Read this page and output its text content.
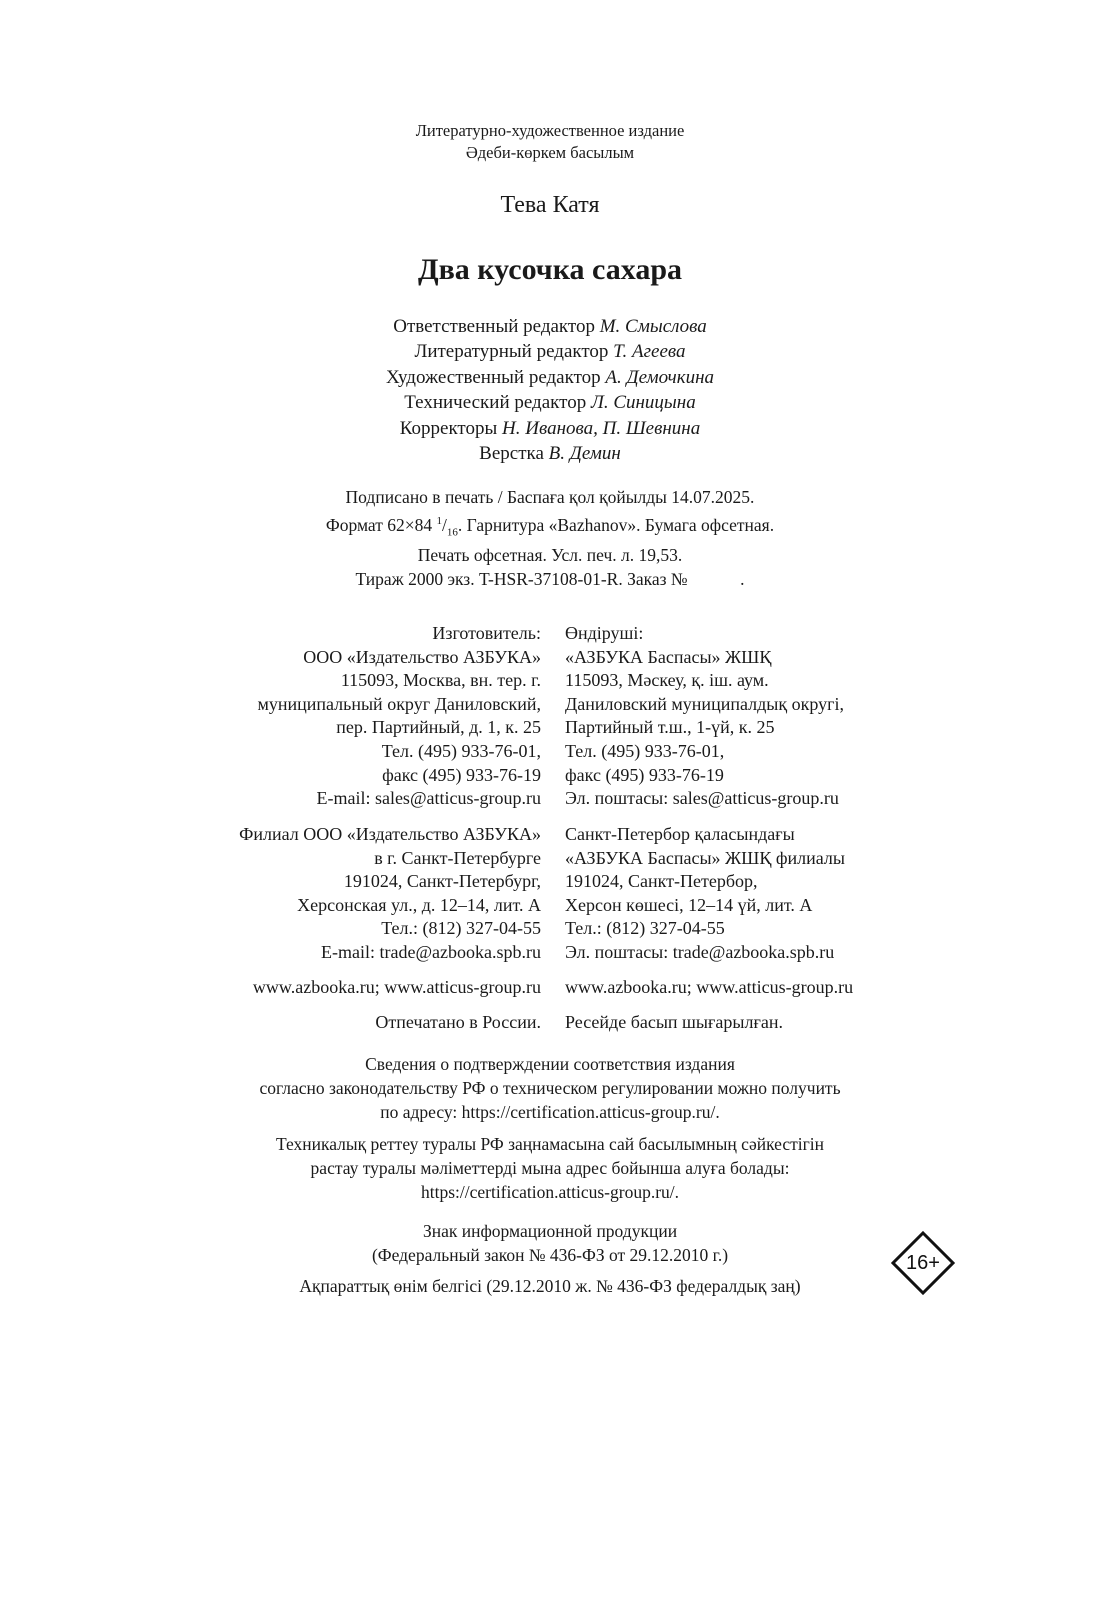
Литературно-художественное издание
Әдеби-көркем басылым
Тева Катя
Два кусочка сахара
Ответственный редактор М. Смыслова
Литературный редактор Т. Агеева
Художественный редактор А. Демочкина
Технический редактор Л. Синицына
Корректоры Н. Иванова, П. Шевнина
Верстка В. Демин
Подписано в печать / Баспаға қол қойылды 14.07.2025.
Формат 62×84 $^1/_{16}$. Гарнитура «Bazhanov». Бумага офсетная.
Печать офсетная. Усл. печ. л. 19,53.
Тираж 2000 экз. T-HSR-37108-01-R. Заказ №            .
Изготовитель:
ООО «Издательство АЗБУКА»
115093, Москва, вн. тер. г.
муниципальный округ Даниловский,
пер. Партийный, д. 1, к. 25
Тел. (495) 933-76-01,
факс (495) 933-76-19
E-mail: sales@atticus-group.ru
Өндіруші:
«АЗБУКА Баспасы» ЖШҚ
115093, Мәскеу, қ. іш. аум.
Даниловский муниципалдық округі,
Партийный т.ш., 1-үй, к. 25
Тел. (495) 933-76-01,
факс (495) 933-76-19
Эл. поштасы: sales@atticus-group.ru
Филиал ООО «Издательство АЗБУКА»
в г. Санкт-Петербурге
191024, Санкт-Петербург,
Херсонская ул., д. 12–14, лит. А
Тел.: (812) 327-04-55
E-mail: trade@azbooka.spb.ru
Санкт-Петербор қаласындағы
«АЗБУКА Баспасы» ЖШҚ филиалы
191024, Санкт-Петербор,
Херсон көшесі, 12–14 үй, лит. А
Тел.: (812) 327-04-55
Эл. поштасы: trade@azbooka.spb.ru
www.azbooka.ru; www.atticus-group.ru www.azbooka.ru; www.atticus-group.ru
Отпечатано в России. Ресейде басып шығарылған.
Сведения о подтверждении соответствия издания
согласно законодательству РФ о техническом регулировании можно получить
по адресу: https://certification.atticus-group.ru/.
Техникалық реттеу туралы РФ заңнамасына сай басылымның сәйкестігін
растау туралы мәліметтерді мына адрес бойынша алуға болады:
https://certification.atticus-group.ru/.
Знак информационной продукции
(Федеральный закон № 436-ФЗ от 29.12.2010 г.)
Ақпараттық өнім белгісі (29.12.2010 ж. № 436-ФЗ федералдық заң)
16+
